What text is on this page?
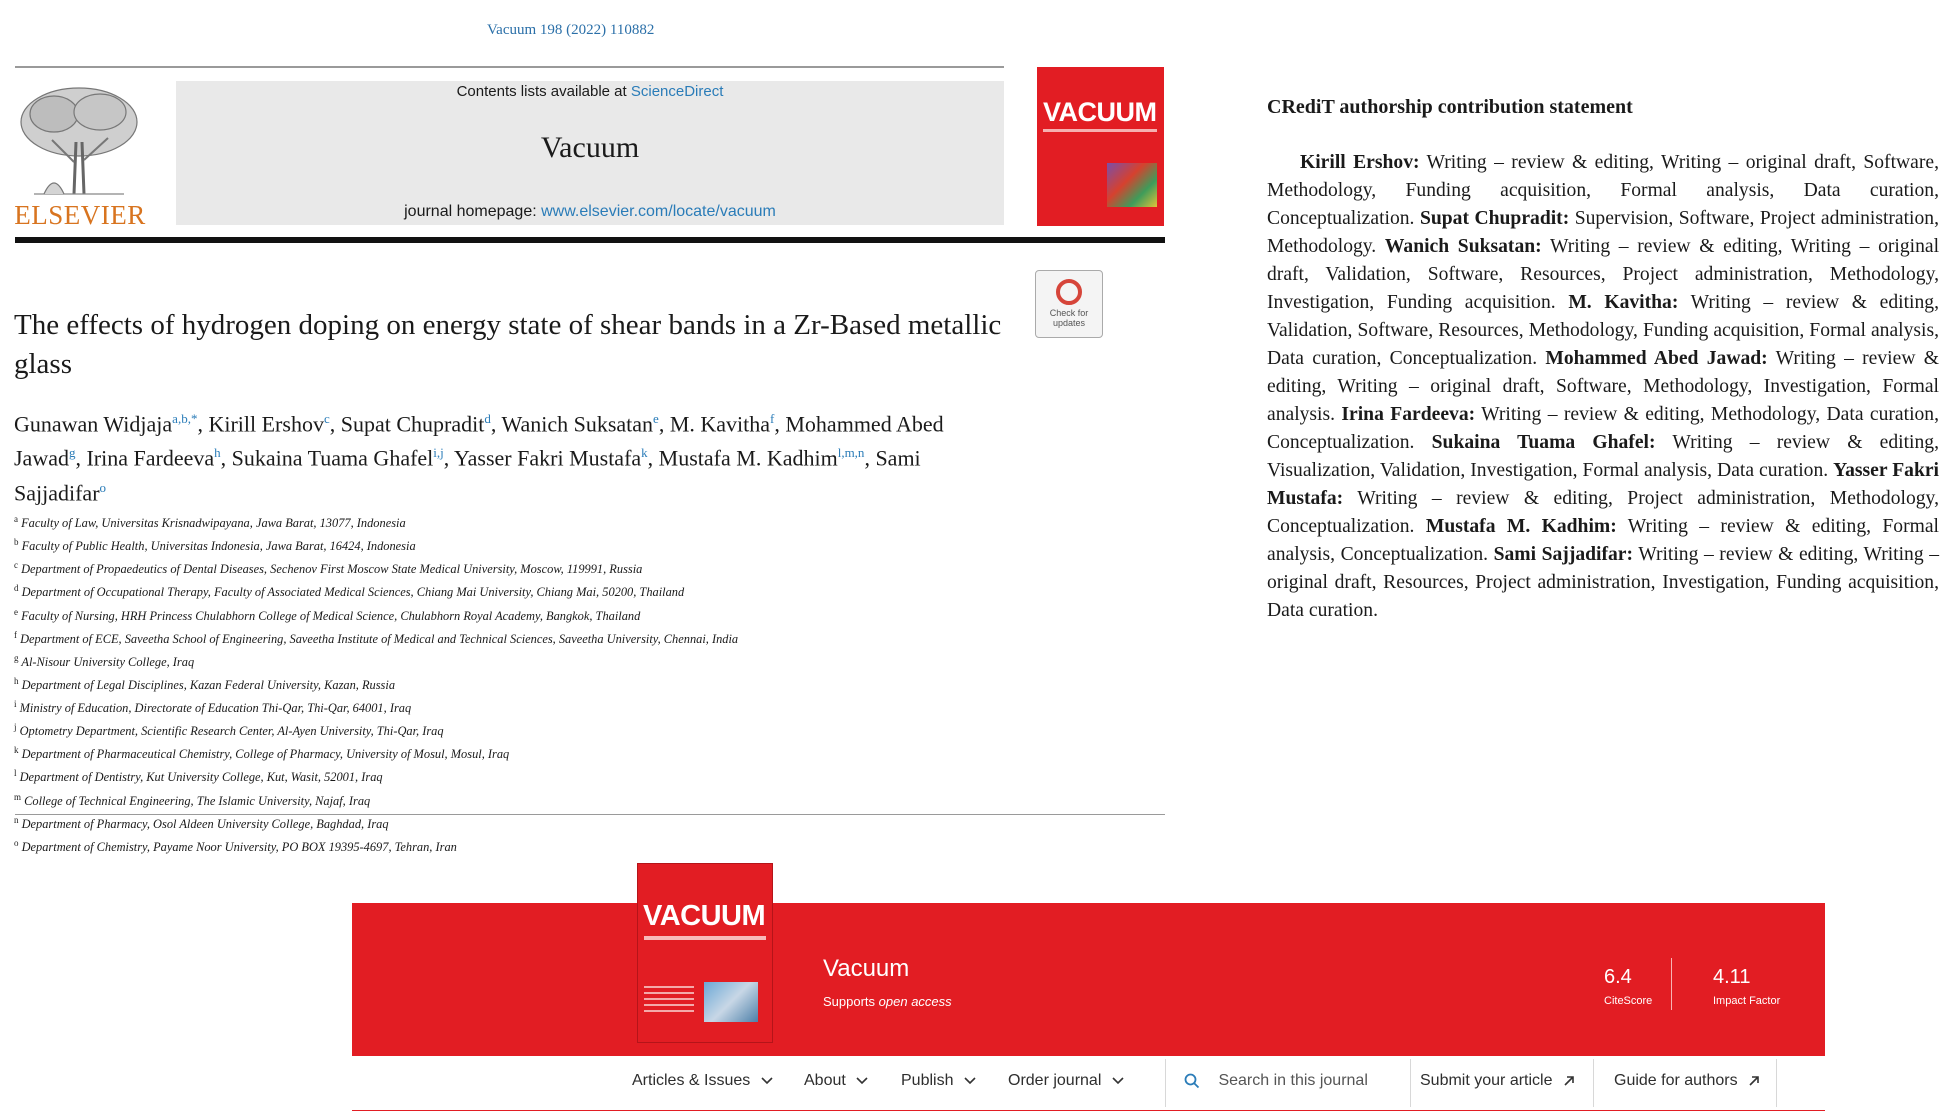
Vacuum 198 (2022) 110882
ELSEVIER
Contents lists available at ScienceDirect
Vacuum
journal homepage: www.elsevier.com/locate/vacuum
VACUUM
Check for updates
The effects of hydrogen doping on energy state of shear bands in a Zr-Based metallic glass
Gunawan Widjaja$^{a,b,*}$, Kirill Ershov$^c$, Supat Chupradit$^d$, Wanich Suksatan$^e$, M. Kavitha$^f$, Mohammed Abed Jawad$^g$, Irina Fardeeva$^h$, Sukaina Tuama Ghafel$^{i,j}$, Yasser Fakri Mustafa$^k$, Mustafa M. Kadhim$^{l,m,n}$, Sami Sajjadifar$^o$
$^a$ Faculty of Law, Universitas Krisnadwipayana, Jawa Barat, 13077, Indonesia
$^b$ Faculty of Public Health, Universitas Indonesia, Jawa Barat, 16424, Indonesia
$^c$ Department of Propaedeutics of Dental Diseases, Sechenov First Moscow State Medical University, Moscow, 119991, Russia
$^d$ Department of Occupational Therapy, Faculty of Associated Medical Sciences, Chiang Mai University, Chiang Mai, 50200, Thailand
$^e$ Faculty of Nursing, HRH Princess Chulabhorn College of Medical Science, Chulabhorn Royal Academy, Bangkok, Thailand
$^f$ Department of ECE, Saveetha School of Engineering, Saveetha Institute of Medical and Technical Sciences, Saveetha University, Chennai, India
$^g$ Al-Nisour University College, Iraq
$^h$ Department of Legal Disciplines, Kazan Federal University, Kazan, Russia
$^i$ Ministry of Education, Directorate of Education Thi-Qar, Thi-Qar, 64001, Iraq
$^j$ Optometry Department, Scientific Research Center, Al-Ayen University, Thi-Qar, Iraq
$^k$ Department of Pharmaceutical Chemistry, College of Pharmacy, University of Mosul, Mosul, Iraq
$^l$ Department of Dentistry, Kut University College, Kut, Wasit, 52001, Iraq
$^m$ College of Technical Engineering, The Islamic University, Najaf, Iraq
$^n$ Department of Pharmacy, Osol Aldeen University College, Baghdad, Iraq
$^o$ Department of Chemistry, Payame Noor University, PO BOX 19395-4697, Tehran, Iran
CRediT authorship contribution statement
Kirill Ershov: Writing – review & editing, Writing – original draft, Software, Methodology, Funding acquisition, Formal analysis, Data curation, Conceptualization. Supat Chupradit: Supervision, Software, Project administration, Methodology. Wanich Suksatan: Writing – review & editing, Writing – original draft, Validation, Software, Resources, Project administration, Methodology, Investigation, Funding acquisition. M. Kavitha: Writing – review & editing, Validation, Software, Resources, Methodology, Funding acquisition, Formal analysis, Data curation, Conceptualization. Mohammed Abed Jawad: Writing – review & editing, Writing – original draft, Software, Methodology, Investigation, Formal analysis. Irina Fardeeva: Writing – review & editing, Methodology, Data curation, Conceptualization. Sukaina Tuama Ghafel: Writing – review & editing, Visualization, Validation, Investigation, Formal analysis, Data curation. Yasser Fakri Mustafa: Writing – review & editing, Project administration, Methodology, Conceptualization. Mustafa M. Kadhim: Writing – review & editing, Formal analysis, Conceptualization. Sami Sajjadifar: Writing – review & editing, Writing – original draft, Resources, Project administration, Investigation, Funding acquisition, Data curation.
VACUUM
Vacuum
Supports open access
6.4
CiteScore
4.11
Impact Factor
Articles & Issues	About	Publish	Order journal	Search in this journal	Submit your article	Guide for authors
